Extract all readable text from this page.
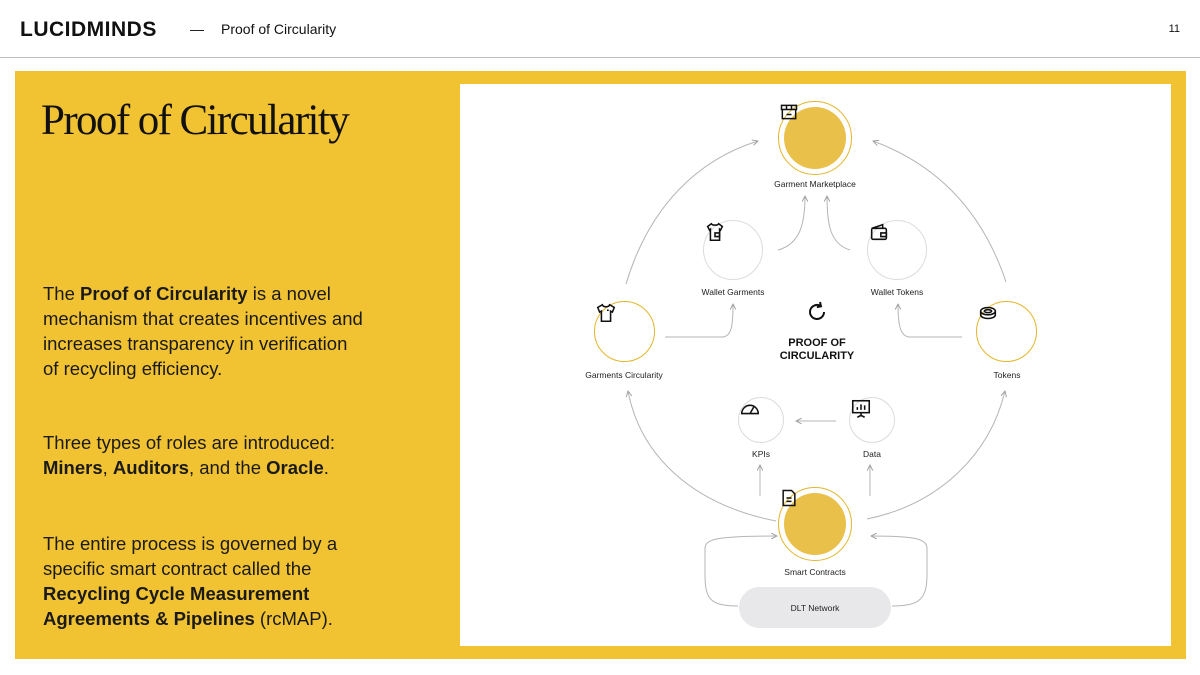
LUCIDMINDS	Proof of Circularity	11
Proof of Circularity
The Proof of Circularity is a novel mechanism that creates incentives and increases transparency in verification of recycling efficiency.
Three types of roles are introduced: Miners, Auditors, and the Oracle.
The entire process is governed by a specific smart contract called the Recycling Cycle Measurement Agreements & Pipelines (rcMAP).
Garment Marketplace
Wallet Garments	Wallet Tokens
Garments Circularity	Tokens
PROOF OF
CIRCULARITY
KPIs	Data
Smart Contracts
DLT Network
